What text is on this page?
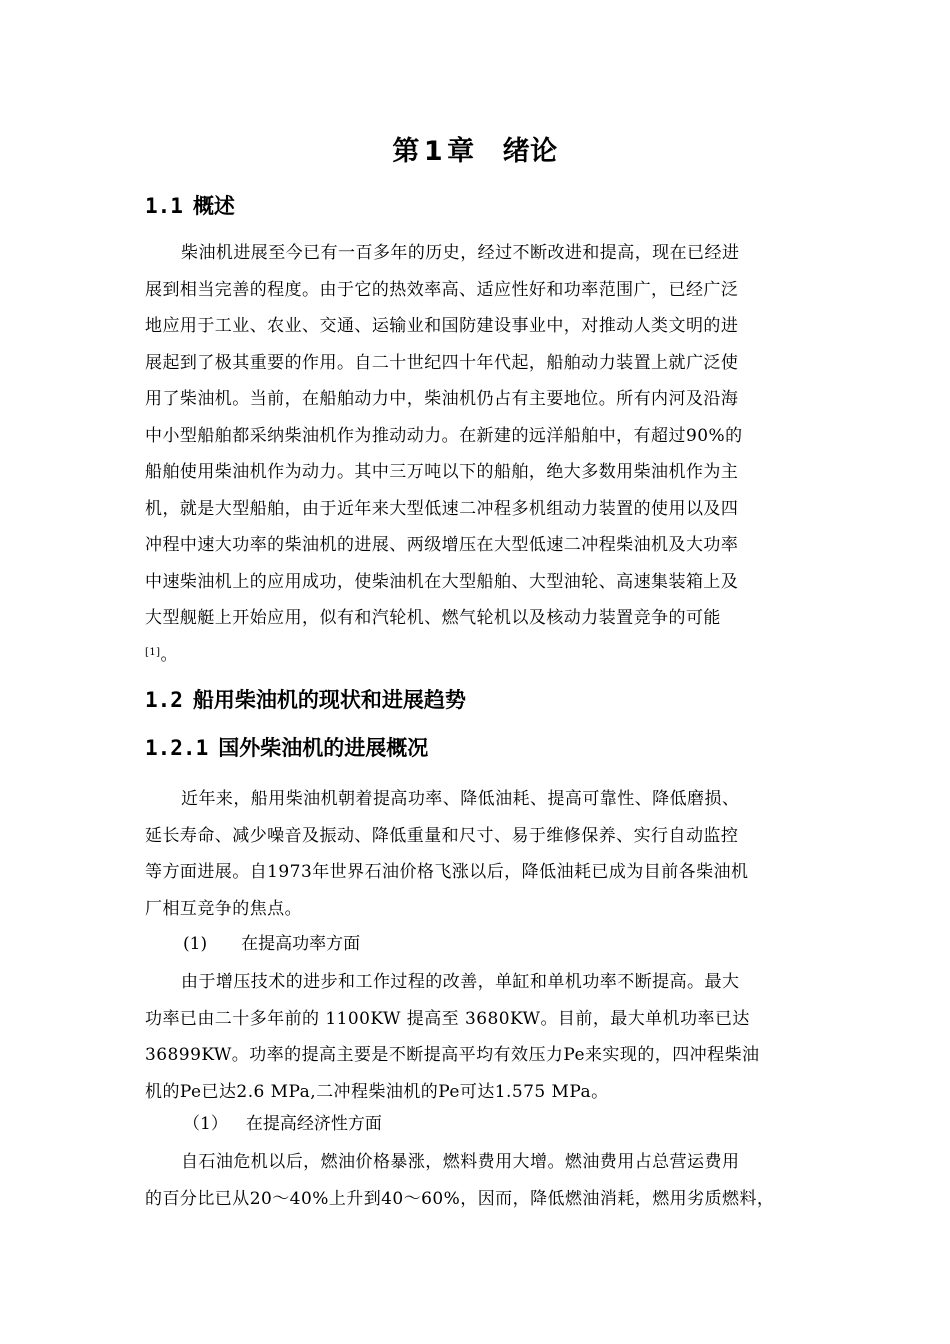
第 1 章 绪论
1.1 概述
柴油机进展至今已有一百多年的历史，经过不断改进和提高，现在已经进
展到相当完善的程度。由于它的热效率高、适应性好和功率范围广，已经广泛
地应用于工业、农业、交通、运输业和国防建设事业中，对推动人类文明的进
展起到了极其重要的作用。自二十世纪四十年代起，船舶动力装置上就广泛使
用了柴油机。当前，在船舶动力中，柴油机仍占有主要地位。所有内河及沿海
中小型船舶都采纳柴油机作为推动动力。在新建的远洋船舶中，有超过90%的
船舶使用柴油机作为动力。其中三万吨以下的船舶，绝大多数用柴油机作为主
机，就是大型船舶，由于近年来大型低速二冲程多机组动力装置的使用以及四
冲程中速大功率的柴油机的进展、两级增压在大型低速二冲程柴油机及大功率
中速柴油机上的应用成功，使柴油机在大型船舶、大型油轮、高速集装箱上及
大型舰艇上开始应用，似有和汽轮机、燃气轮机以及核动力装置竞争的可能
[1]。
1.2 船用柴油机的现状和进展趋势
1.2.1 国外柴油机的进展概况
近年来，船用柴油机朝着提高功率、降低油耗、提高可靠性、降低磨损、
延长寿命、减少噪音及振动、降低重量和尺寸、易于维修保养、实行自动监控
等方面进展。自1973年世界石油价格飞涨以后，降低油耗已成为目前各柴油机
厂相互竞争的焦点。
(1) 在提高功率方面
由于增压技术的进步和工作过程的改善，单缸和单机功率不断提高。最大
功率已由二十多年前的 1100KW 提高至 3680KW。目前，最大单机功率已达
36899KW。功率的提高主要是不断提高平均有效压力Pe来实现的，四冲程柴油
机的Pe已达2.6 MPa,二冲程柴油机的Pe可达1.575 MPa。
（1） 在提高经济性方面
自石油危机以后，燃油价格暴涨，燃料费用大增。燃油费用占总营运费用
的百分比已从20～40%上升到40～60%，因而，降低燃油消耗，燃用劣质燃料，
